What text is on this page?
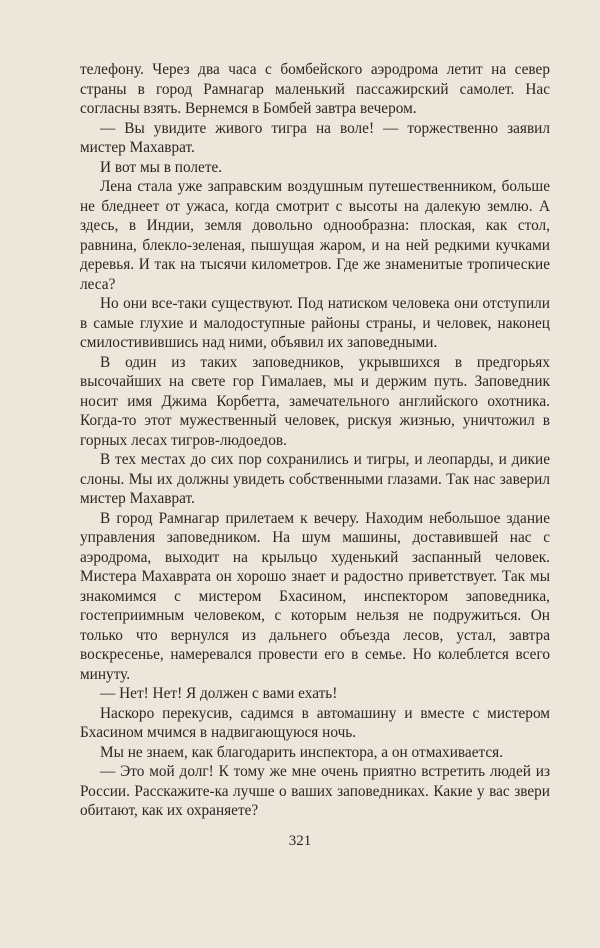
телефону. Через два часа с бомбейского аэродрома летит на север страны в город Рамнагар маленький пассажирский самолет. Нас согласны взять. Вернемся в Бомбей завтра вечером.

— Вы увидите живого тигра на воле! — торжественно заявил мистер Махаврат.

И вот мы в полете.

Лена стала уже заправским воздушным путешественником, больше не бледнеет от ужаса, когда смотрит с высоты на далекую землю. А здесь, в Индии, земля довольно однообразна: плоская, как стол, равнина, блекло-зеленая, пышущая жаром, и на ней редкими кучками деревья. И так на тысячи километров. Где же знаменитые тропические леса?

Но они все-таки существуют. Под натиском человека они отступили в самые глухие и малодоступные районы страны, и человек, наконец смилостивившись над ними, объявил их заповедными.

В один из таких заповедников, укрывшихся в предгорьях высочайших на свете гор Гималаев, мы и держим путь. Заповедник носит имя Джима Корбетта, замечательного английского охотника. Когда-то этот мужественный человек, рискуя жизнью, уничтожил в горных лесах тигров-людоедов.

В тех местах до сих пор сохранились и тигры, и леопарды, и дикие слоны. Мы их должны увидеть собственными глазами. Так нас заверил мистер Махаврат.

В город Рамнагар прилетаем к вечеру. Находим небольшое здание управления заповедником. На шум машины, доставившей нас с аэродрома, выходит на крыльцо худенький заспанный человек. Мистера Махаврата он хорошо знает и радостно приветствует. Так мы знакомимся с мистером Бхасином, инспектором заповедника, гостеприимным человеком, с которым нельзя не подружиться. Он только что вернулся из дальнего объезда лесов, устал, завтра воскресенье, намеревался провести его в семье. Но колеблется всего минуту.

— Нет! Нет! Я должен с вами ехать!

Наскоро перекусив, садимся в автомашину и вместе с мистером Бхасином мчимся в надвигающуюся ночь.

Мы не знаем, как благодарить инспектора, а он отмахивается.

— Это мой долг! К тому же мне очень приятно встретить людей из России. Расскажите-ка лучше о ваших заповедниках. Какие у вас звери обитают, как их охраняете?

321
